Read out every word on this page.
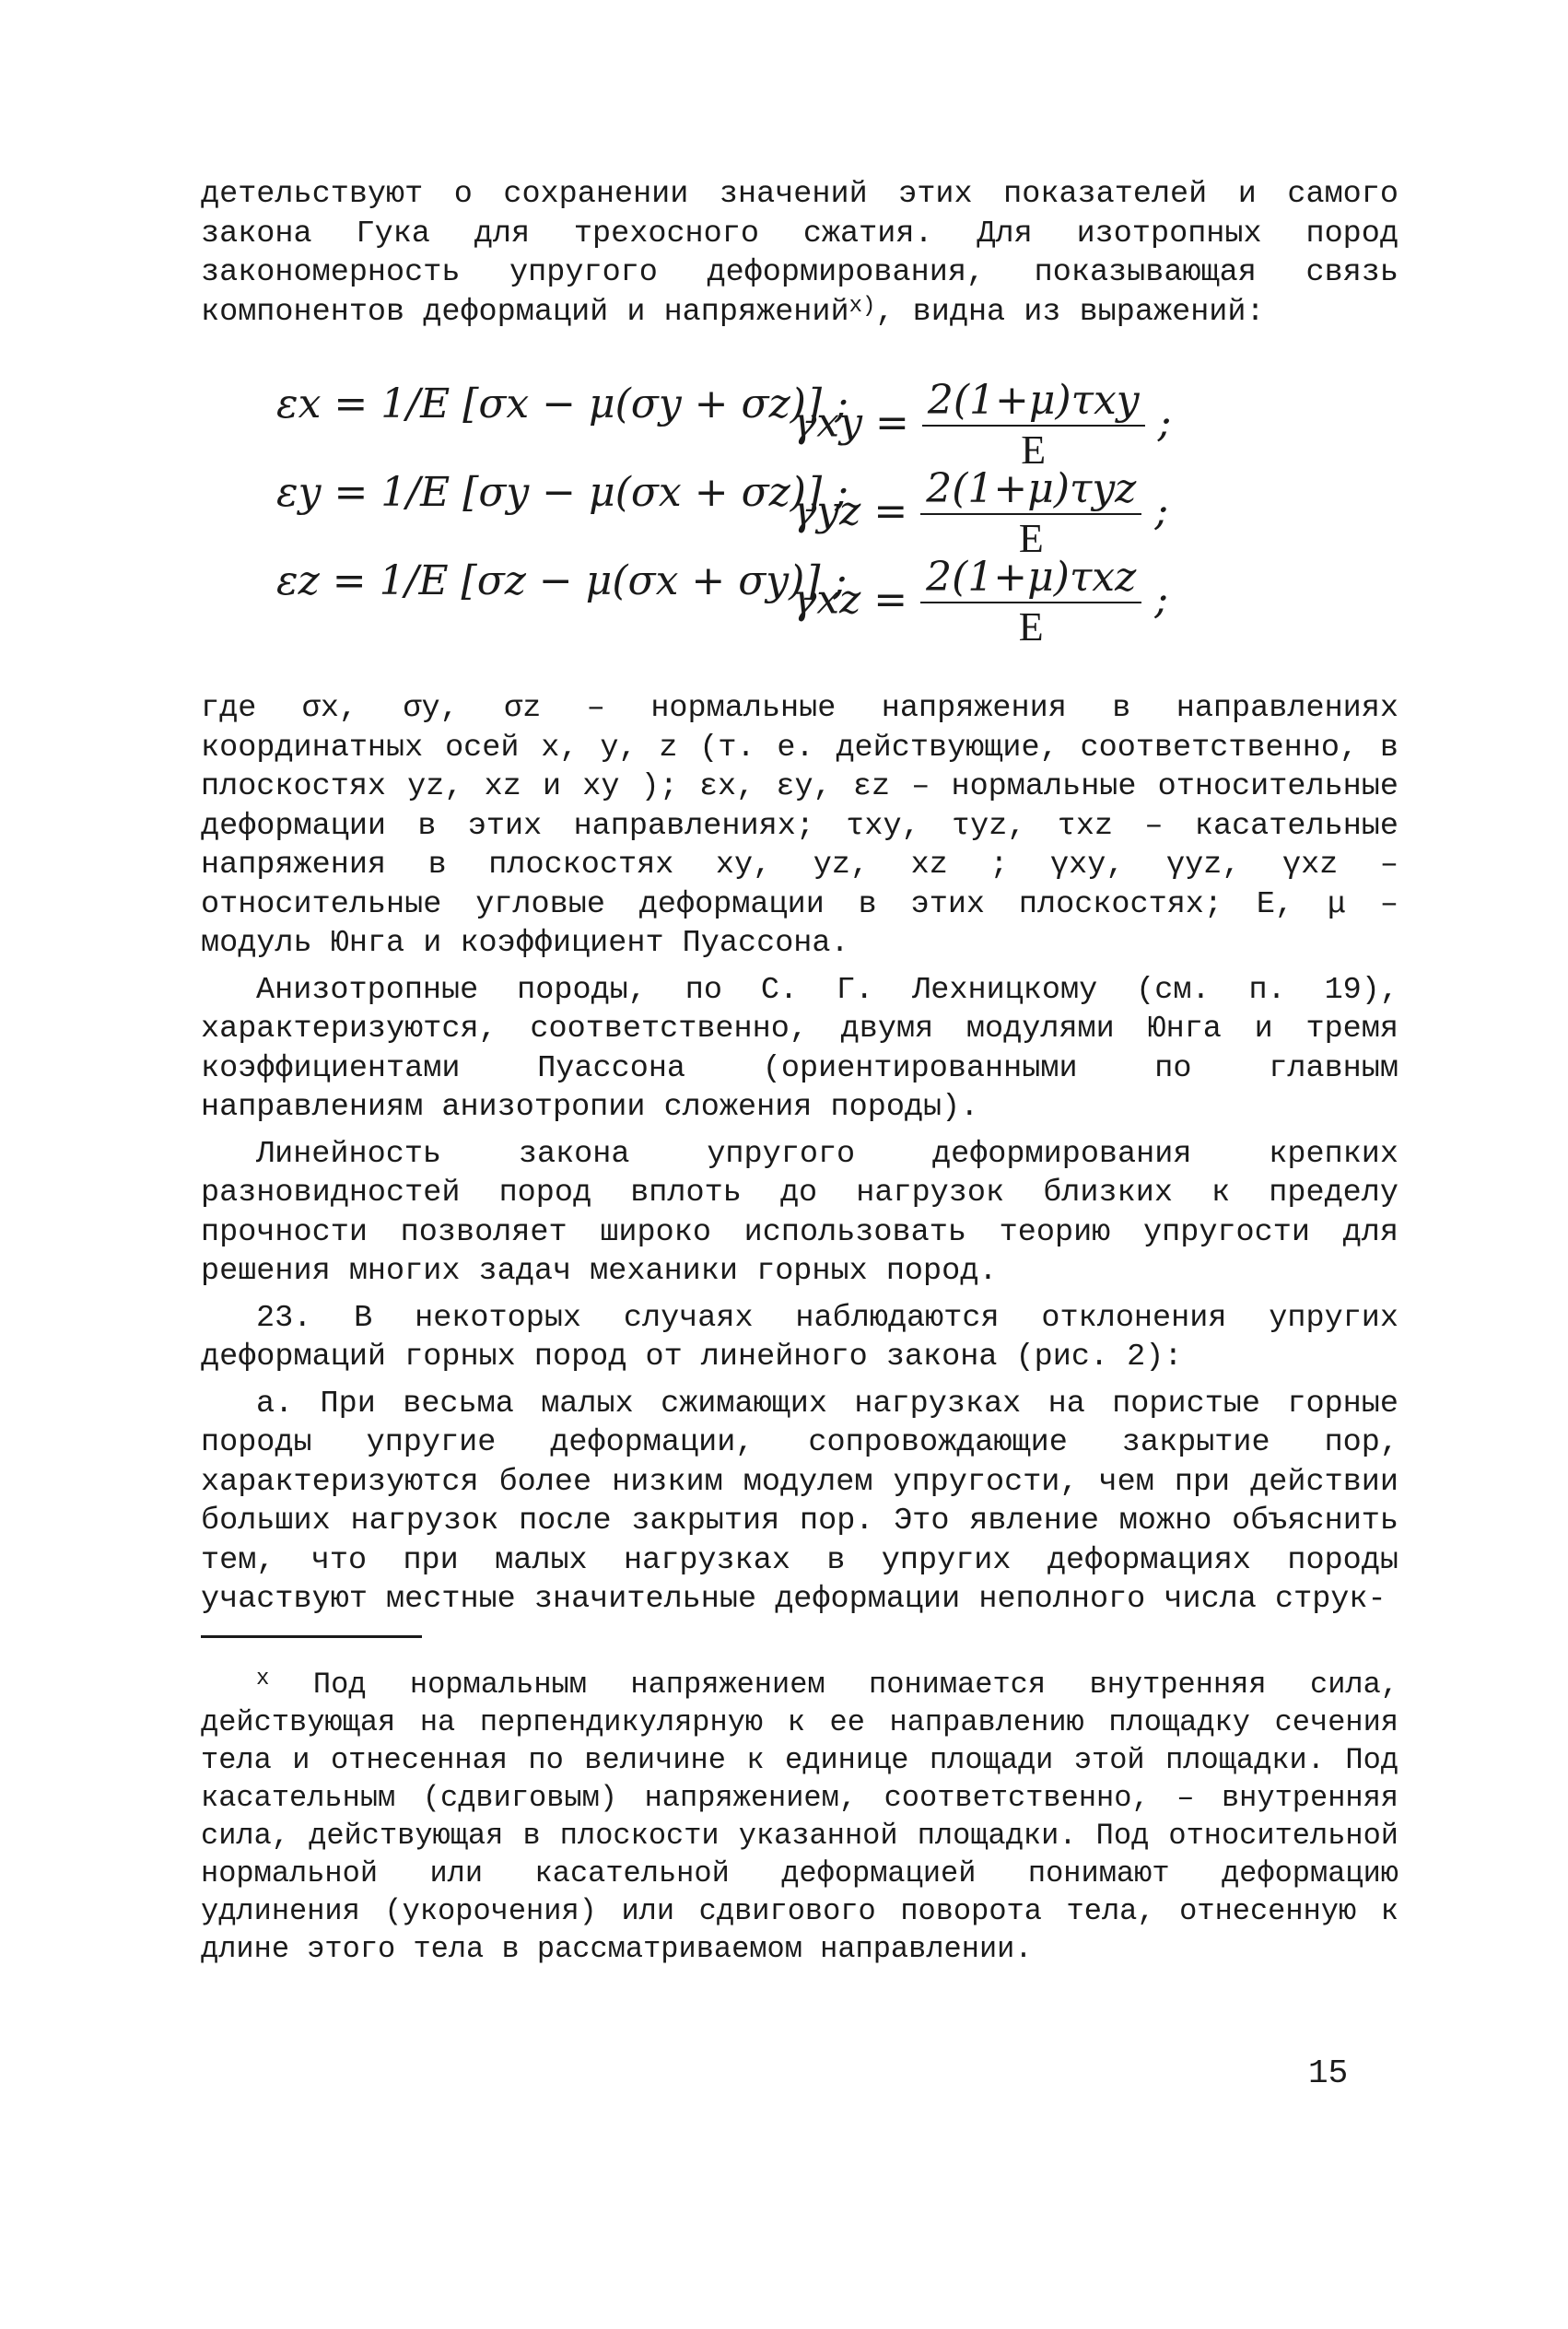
детельствуют о сохранении значений этих показателей и самого закона Гука для трехосного сжатия. Для изотропных пород закономерность упругого деформирования, показывающая связь компонентов деформаций и напряжений$^{x)}$, видна из выражений:

εx = 1/E [σx − μ(σy + σz)] ;
$\gamma xy = \frac{\text{2(1+μ)τxy}}{E}$ ;
εy = 1/E [σy − μ(σx + σz)] ;
$\gamma yz = \frac{\text{2(1+μ)τyz}}{E}$ ;
εz = 1/E [σz − μ(σx + σy)] ;
$\gamma xz = \frac{\text{2(1+μ)τxz}}{E}$ ;

где σx, σy, σz – нормальные напряжения в направлениях координатных осей x, y, z (т. е. действующие, соответственно, в плоскостях yz, xz и xy ); εx, εy, εz – нормальные относительные деформации в этих направлениях; τxy, τyz, τxz – касательные напряжения в плоскостях xy, yz, xz ; γxy, γyz, γxz – относительные угловые деформации в этих плоскостях; E, μ – модуль Юнга и коэффициент Пуассона.

Анизотропные породы, по С. Г. Лехницкому (см. п. 19), характеризуются, соответственно, двумя модулями Юнга и тремя коэффициентами Пуассона (ориентированными по главным направлениям анизотропии сложения породы).

Линейность закона упругого деформирования крепких разновидностей пород вплоть до нагрузок близких к пределу прочности позволяет широко использовать теорию упругости для решения многих задач механики горных пород.

23. В некоторых случаях наблюдаются отклонения упругих деформаций горных пород от линейного закона (рис. 2):

а. При весьма малых сжимающих нагрузках на пористые горные породы упругие деформации, сопровождающие закрытие пор, характеризуются более низким модулем упругости, чем при действии больших нагрузок после закрытия пор. Это явление можно объяснить тем, что при малых нагрузках в упругих деформациях породы участвуют местные значительные деформации неполного числа струк-

$^x$ Под нормальным напряжением понимается внутренняя сила, действующая на перпендикулярную к ее направлению площадку сечения тела и отнесенная по величине к единице площади этой площадки. Под касательным (сдвиговым) напряжением, соответственно, – внутренняя сила, действующая в плоскости указанной площадки. Под относительной нормальной или касательной деформацией понимают деформацию удлинения (укорочения) или сдвигового поворота тела, отнесенную к длине этого тела в рассматриваемом направлении.

15
